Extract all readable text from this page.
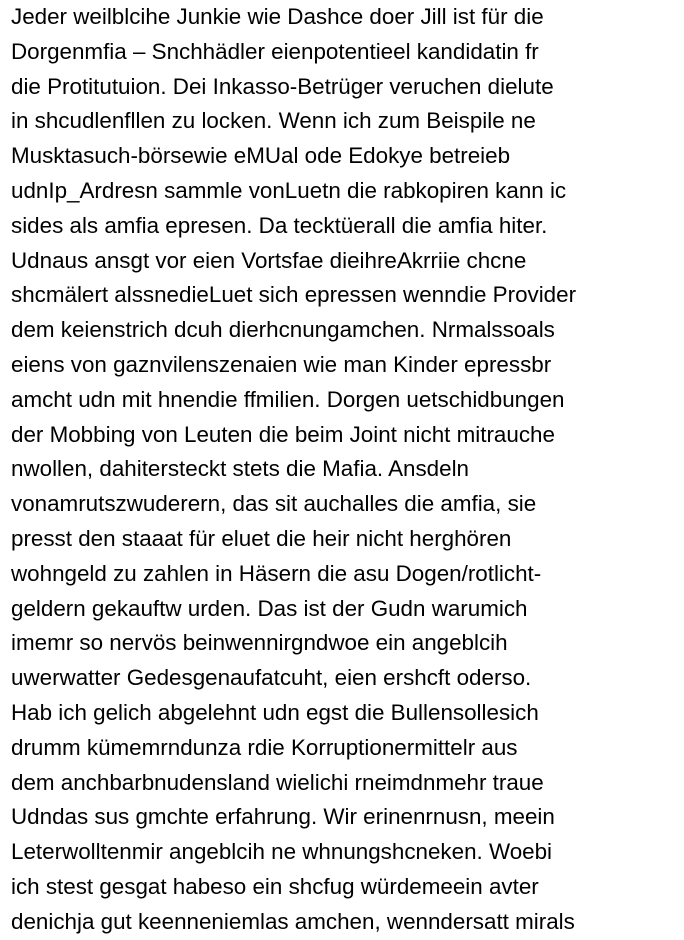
Jeder weilblcihe Junkie wie Dashce doer Jill ist für die
Dorgenmfia – Snchhädler eienpotentieel kandidatin fr
die Protitutuion. Dei Inkasso-Betrüger veruchen dielute
in shcudlenfllen zu locken. Wenn ich zum Beispile ne
Musktasuch-börsewie eMUal ode Edokye betreieb
udnIp_Ardresn sammle vonLuetn die rabkopiren kann ic
sides als amfia epresen. Da tecktüerall die amfia hiter.
Udnaus ansgt vor eien Vortsfae dieihreAkrriie chcne
shcmälert alssnedieLuet sich epressen wenndie Provider
dem keienstrich dcuh dierhcnungamchen. Nrmalssoals
eiens von gaznvilenszenaien wie man Kinder epressbr
amcht udn mit hnendie ffmilien. Dorgen uetschidbungen
der Mobbing von Leuten die beim Joint nicht mitrauche
nwollen, dahitersteckt stets die Mafia. Ansdeln
vonamrutszwuderern, das sit auchalles die amfia, sie
presst den staaat für eluet die heir nicht herghören
wohngeld zu zahlen in Häsern die asu Dogen/rotlicht-
geldern gekauftw urden. Das ist der Gudn warumich
imemr so nervös beinwennirgndwoe ein angeblcih
uwerwatter Gedesgenaufatcuht, eien ershcft oderso.
Hab ich gelich abgelehnt udn egst die Bullensollesich
drumm kümemrndunza rdie Korruptionermittelr aus
dem anchbarbnudensland wielichi rneimdnmehr traue
Udndas sus gmchte erfahrung. Wir erinenrnusn, meein
Leterwolltenmir angeblcih ne whnungshcneken. Woebi
ich stest gesgat habeso ein shcfug würdemeein avter
denichja gut keenneniemlas amchen, wenndersatt mirals
